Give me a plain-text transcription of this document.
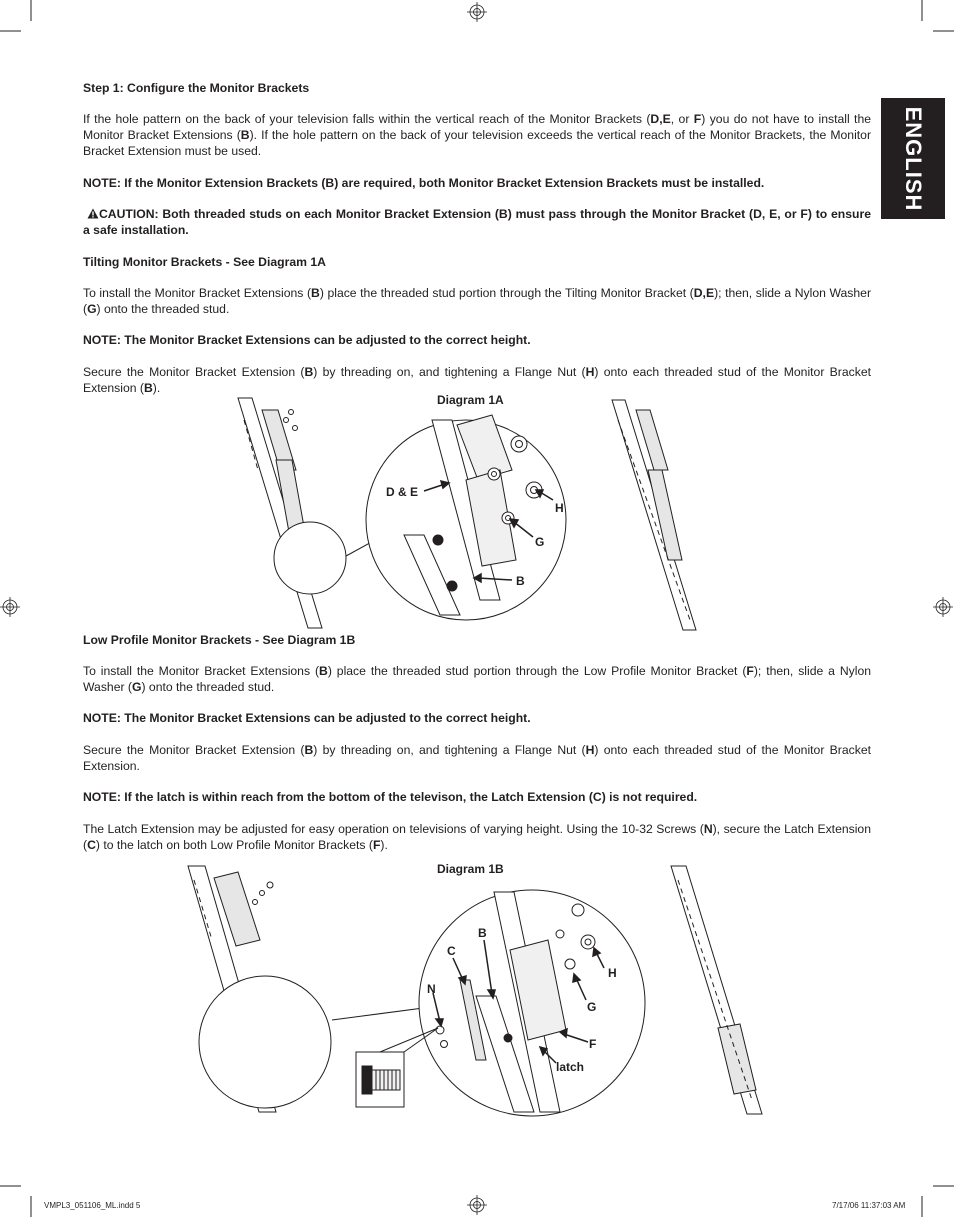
ENGLISH
Step 1: Configure the Monitor Brackets
If the hole pattern on the back of your television falls within the vertical reach of the Monitor Brackets (D,E, or F) you do not have to install the Monitor Bracket Extensions (B). If the hole pattern on the back of your television exceeds the vertical reach of the Monitor Brackets, the Monitor Bracket Extension must be used.
NOTE: If the Monitor Extension Brackets (B) are required, both Monitor Bracket Extension Brackets must be installed.
CAUTION: Both threaded studs on each Monitor Bracket Extension (B) must pass through the Monitor Bracket (D, E, or F) to ensure a safe installation.
Tilting Monitor Brackets - See Diagram 1A
To install the Monitor Bracket Extensions (B) place the threaded stud portion through the Tilting Monitor Bracket (D,E); then, slide a Nylon Washer (G) onto the threaded stud.
NOTE: The Monitor Bracket Extensions can be adjusted to the correct height.
Secure the Monitor Bracket Extension (B) by threading on, and tightening a Flange Nut (H) onto each threaded stud of the Monitor Bracket Extension (B).
Diagram 1A
Low Profile Monitor Brackets - See Diagram 1B
To install the Monitor Bracket Extensions (B) place the threaded stud portion through the Low Profile Monitor Bracket (F); then, slide a Nylon Washer (G) onto the threaded stud.
NOTE: The Monitor Bracket Extensions can be adjusted to the correct height.
Secure the Monitor Bracket Extension (B) by threading on, and tightening a Flange Nut (H) onto each threaded stud of the Monitor Bracket Extension.
NOTE: If the latch is within reach from the bottom of the televison, the Latch Extension (C) is not required.
The Latch Extension may be adjusted for easy operation on televisions of varying height. Using the 10-32 Screws (N), secure the Latch Extension (C) to the latch on both Low Profile Monitor Brackets (F).
Diagram 1B
D & E
H
G
B
C
B
N
H
G
F
latch
VMPL3_051106_ML.indd 5	7/17/06 11:37:03 AM
